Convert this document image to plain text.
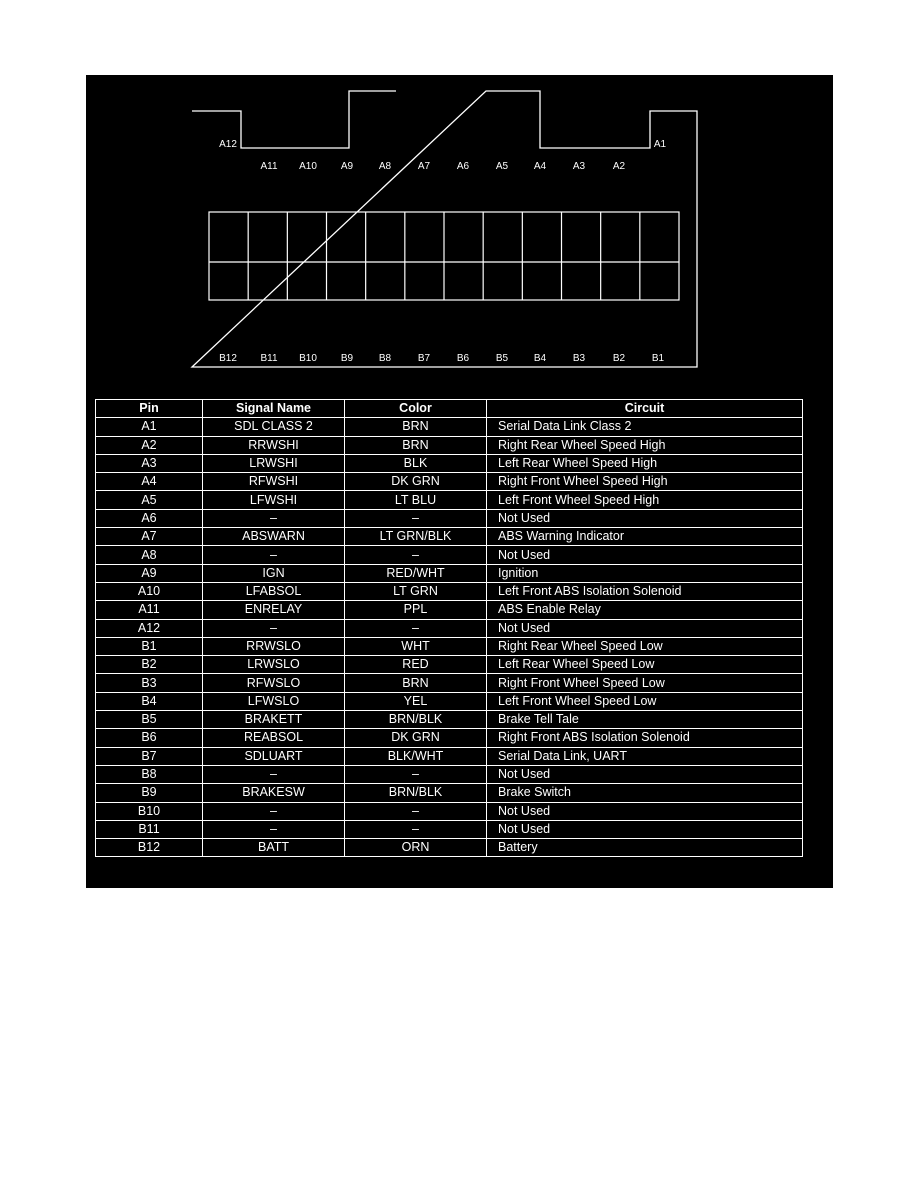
A12
A11 A10 A9	A8	A7	A6	A5	A4	A3	A2
A1
B12 B11 B10 B9	B8	B7	B6	B5	B4	B3	B2	B1
Pin	Signal Name	Color	Circuit
A1	SDL CLASS 2	BRN	Serial Data Link Class 2
A2	RRWSHI	BRN	Right Rear Wheel Speed High
A3	LRWSHI	BLK	Left Rear Wheel Speed High
A4	RFWSHI	DK GRN	Right Front Wheel Speed High
A5	LFWSHI	LT BLU	Left Front Wheel Speed High
A6	–	–	Not Used
A7	ABSWARN	LT GRN/BLK	ABS Warning Indicator
A8	–	–	Not Used
A9	IGN	RED/WHT	Ignition
A10	LFABSOL	LT GRN	Left Front ABS Isolation Solenoid
A11	ENRELAY	PPL	ABS Enable Relay
A12	–	–	Not Used
B1	RRWSLO	WHT	Right Rear Wheel Speed Low
B2	LRWSLO	RED	Left Rear Wheel Speed Low
B3	RFWSLO	BRN	Right Front Wheel Speed Low
B4	LFWSLO	YEL	Left Front Wheel Speed Low
B5	BRAKETT	BRN/BLK	Brake Tell Tale
B6	REABSOL	DK GRN	Right Front ABS Isolation Solenoid
B7	SDLUART	BLK/WHT	Serial Data Link, UART
B8	–	–	Not Used
B9	BRAKESW	BRN/BLK	Brake Switch
B10	–	–	Not Used
B11	–	–	Not Used
B12	BATT	ORN	Battery
